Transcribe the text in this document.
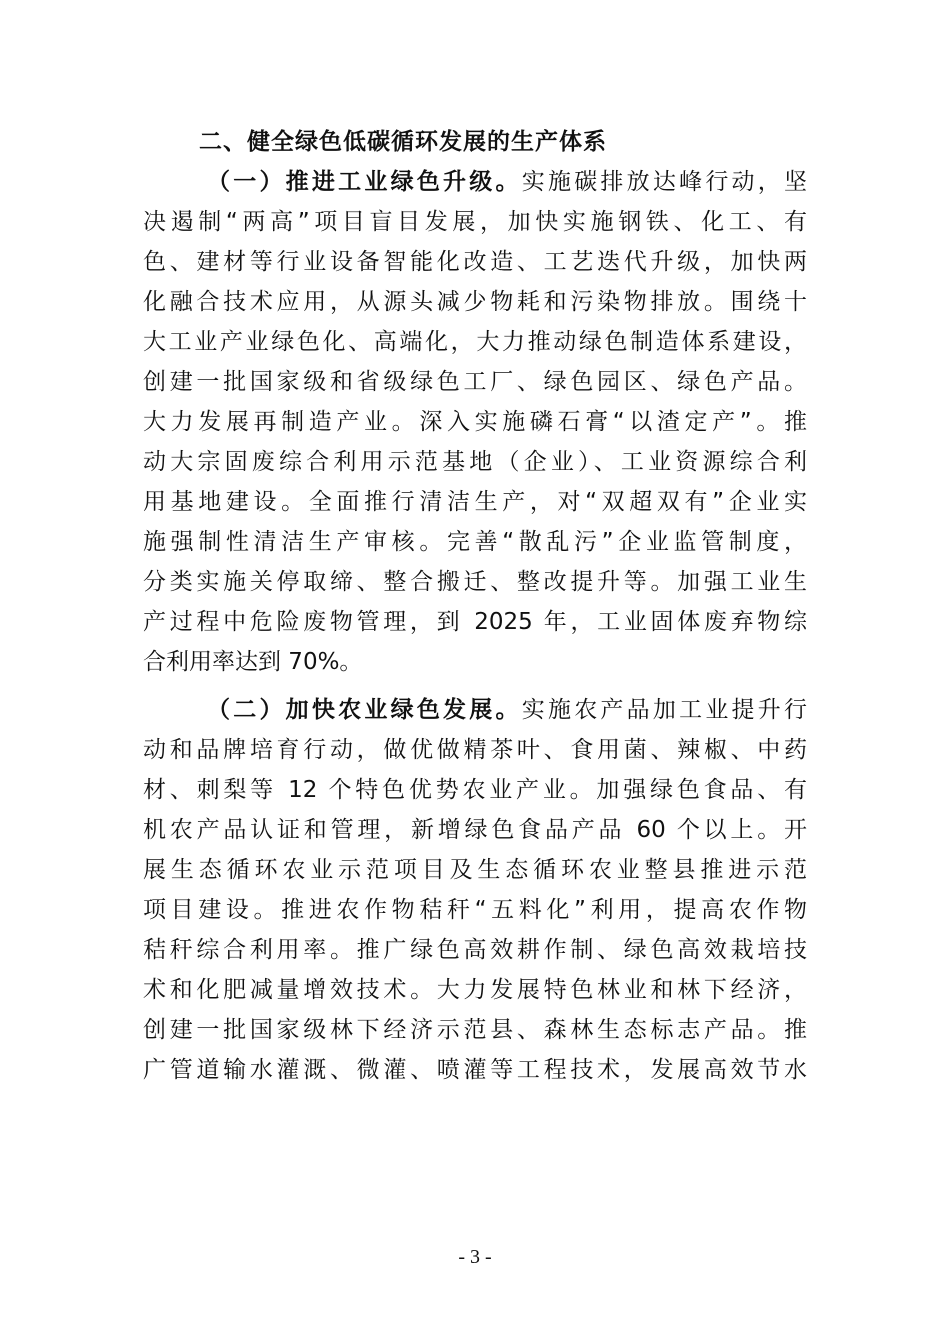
二、健全绿色低碳循环发展的生产体系
（一）推进工业绿色升级。实施碳排放达峰行动，坚
决遏制“两高”项目盲目发展，加快实施钢铁、化工、有
色、建材等行业设备智能化改造、工艺迭代升级，加快两
化融合技术应用，从源头减少物耗和污染物排放。围绕十
大工业产业绿色化、高端化，大力推动绿色制造体系建设，
创建一批国家级和省级绿色工厂、绿色园区、绿色产品。
大力发展再制造产业。深入实施磷石膏“以渣定产”。推
动大宗固废综合利用示范基地（企业）、工业资源综合利
用基地建设。全面推行清洁生产，对“双超双有”企业实
施强制性清洁生产审核。完善“散乱污”企业监管制度，
分类实施关停取缔、整合搬迁、整改提升等。加强工业生
产过程中危险废物管理，到 2025 年，工业固体废弃物综
合利用率达到 70%。
（二）加快农业绿色发展。实施农产品加工业提升行
动和品牌培育行动，做优做精茶叶、食用菌、辣椒、中药
材、刺梨等 12 个特色优势农业产业。加强绿色食品、有
机农产品认证和管理，新增绿色食品产品 60 个以上。开
展生态循环农业示范项目及生态循环农业整县推进示范
项目建设。推进农作物秸秆“五料化”利用，提高农作物
秸秆综合利用率。推广绿色高效耕作制、绿色高效栽培技
术和化肥减量增效技术。大力发展特色林业和林下经济，
创建一批国家级林下经济示范县、森林生态标志产品。推
广管道输水灌溉、微灌、喷灌等工程技术，发展高效节水
- 3 -
